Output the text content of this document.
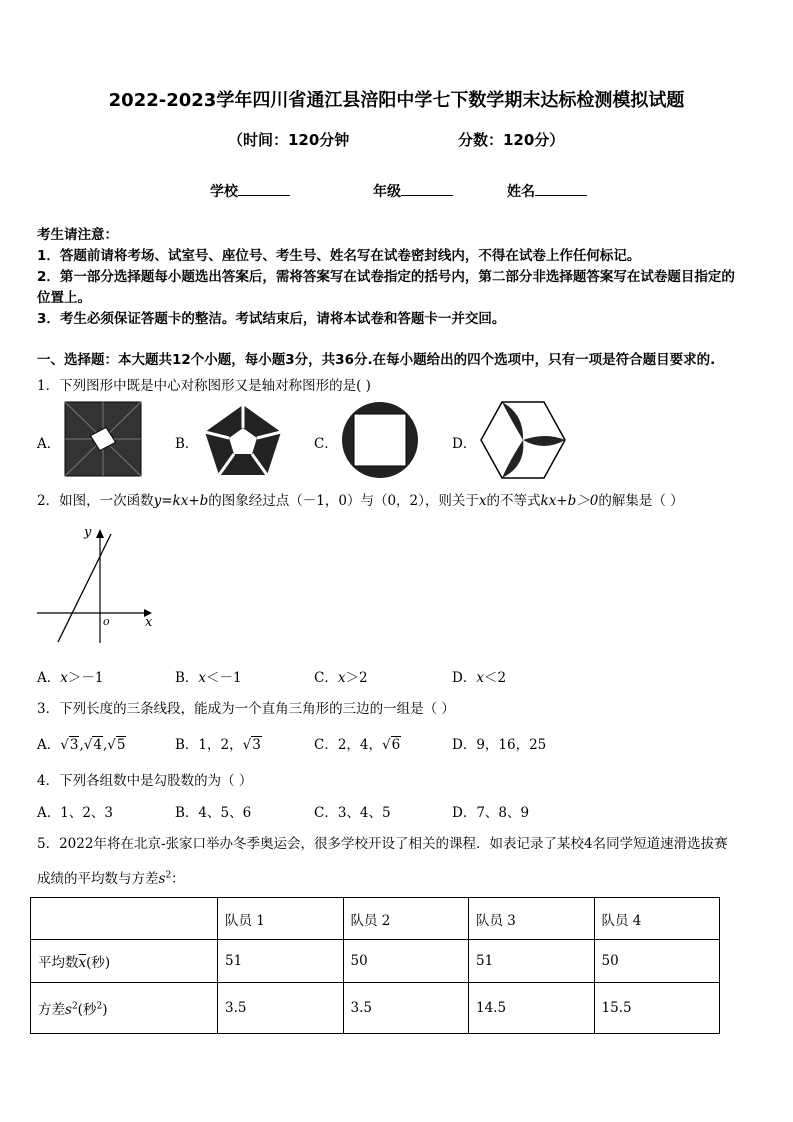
2022-2023学年四川省通江县涪阳中学七下数学期末达标检测模拟试题
（时间：120分钟	分数：120分）
学校	年级	姓名
考生请注意：
1．答题前请将考场、试室号、座位号、考生号、姓名写在试卷密封线内，不得在试卷上作任何标记。
2．第一部分选择题每小题选出答案后，需将答案写在试卷指定的括号内，第二部分非选择题答案写在试卷题目指定的
位置上。
3．考生必须保证答题卡的整洁。考试结束后，请将本试卷和答题卡一并交回。
一、选择题：本大题共12个小题，每小题3分，共36分.在每小题给出的四个选项中，只有一项是符合题目要求的.
1．下列图形中既是中心对称图形又是轴对称图形的是( )
A．	B．	C．	D．
2．如图，一次函数y=kx+b的图象经过点（－1，0）与（0，2），则关于x的不等式kx+b＞0的解集是（ ）
y
x
o
A．x＞－1	B．x＜－1	C．x＞2	D．x＜2
3．下列长度的三条线段，能成为一个直角三角形的三边的一组是（ ）
A．√3,√4,√5	B．1，2，√3	C．2，4，√6	D．9，16，25
4．下列各组数中是勾股数的为（ ）
A．1、2、3	B．4、5、6	C．3、4、5	D．7、8、9
5．2022年将在北京-张家口举办冬季奥运会，很多学校开设了相关的课程．如表记录了某校4名同学短道速滑选拔赛
成绩的平均数与方差$s^2$：
	队员 1	队员 2	队员 3	队员 4
平均数$\overline{x}$(秒)	51	50	51	50
方差$s^2$(秒$^2$)	3.5	3.5	14.5	15.5
